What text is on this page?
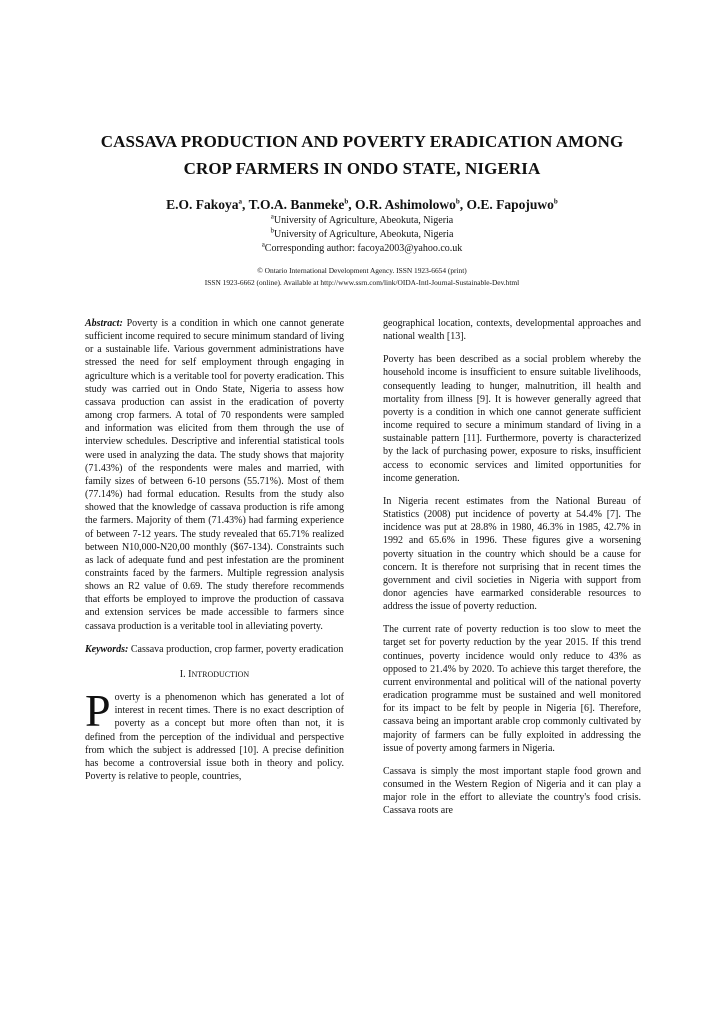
CASSAVA PRODUCTION AND POVERTY ERADICATION AMONG
CROP FARMERS IN ONDO STATE, NIGERIA
E.O. Fakoya$^a$, T.O.A. Banmeke$^b$, O.R. Ashimolowo$^b$, O.E. Fapojuwo$^b$
$^a$University of Agriculture, Abeokuta, Nigeria
$^b$University of Agriculture, Abeokuta, Nigeria
$^a$Corresponding author: facoya2003@yahoo.co.uk
© Ontario International Development Agency. ISSN 1923-6654 (print)
ISSN 1923-6662 (online). Available at http://www.ssrn.com/link/OIDA-Intl-Journal-Sustainable-Dev.html

Abstract: Poverty is a condition in which one cannot generate sufficient income required to secure minimum standard of living or a sustainable life. Various government administrations have stressed the need for self employment through engaging in agriculture which is a veritable tool for poverty eradication. This study was carried out in Ondo State, Nigeria to assess how cassava production can assist in the eradication of poverty among crop farmers. A total of 70 respondents were sampled and information was elicited from them through the use of interview schedules. Descriptive and inferential statistical tools were used in analyzing the data. The study shows that majority (71.43%) of the respondents were males and married, with family sizes of between 6-10 persons (55.71%). Most of them (77.14%) had formal education. Results from the study also showed that the knowledge of cassava production is rife among the farmers. Majority of them (71.43%) had farming experience of between 7-12 years. The study revealed that 65.71% realized between N10,000-N20,00 monthly ($67-134). Constraints such as lack of adequate fund and pest infestation are the prominent constraints faced by the farmers. Multiple regression analysis shows an R2 value of 0.69. The study therefore recommends that efforts be employed to improve the production of cassava and extension services be made accessible to farmers since cassava production is a veritable tool in alleviating poverty.

Keywords: Cassava production, crop farmer, poverty eradication

I. INTRODUCTION

Poverty is a phenomenon which has generated a lot of interest in recent times. There is no exact description of poverty as a concept but more often than not, it is defined from the perception of the individual and perspective from which the subject is addressed [10]. A precise definition has become a controversial issue both in theory and policy. Poverty is relative to people, countries,

geographical location, contexts, developmental approaches and national wealth [13].

Poverty has been described as a social problem whereby the household income is insufficient to ensure suitable livelihoods, consequently leading to hunger, malnutrition, ill health and mortality from illness [9]. It is however generally agreed that poverty is a condition in which one cannot generate sufficient income required to secure a minimum standard of living in a sustainable pattern [11]. Furthermore, poverty is characterized by the lack of purchasing power, exposure to risks, insufficient access to economic services and limited opportunities for income generation.

In Nigeria recent estimates from the National Bureau of Statistics (2008) put incidence of poverty at 54.4% [7]. The incidence was put at 28.8% in 1980, 46.3% in 1985, 42.7% in 1992 and 65.6% in 1996. These figures give a worsening poverty situation in the country which should be a cause for concern. It is therefore not surprising that in recent times the government and civil societies in Nigeria with support from donor agencies have earmarked considerable resources to address the issue of poverty reduction.

The current rate of poverty reduction is too slow to meet the target set for poverty reduction by the year 2015. If this trend continues, poverty incidence would only reduce to 43% as opposed to 21.4% by 2020. To achieve this target therefore, the current environmental and political will of the national poverty eradication programme must be sustained and well monitored for its impact to be felt by people in Nigeria [6]. Therefore, cassava being an important arable crop commonly cultivated by majority of farmers can be fully exploited in addressing the issue of poverty among farmers in Nigeria.

Cassava is simply the most important staple food grown and consumed in the Western Region of Nigeria and it can play a major role in the effort to alleviate the country's food crisis. Cassava roots are
